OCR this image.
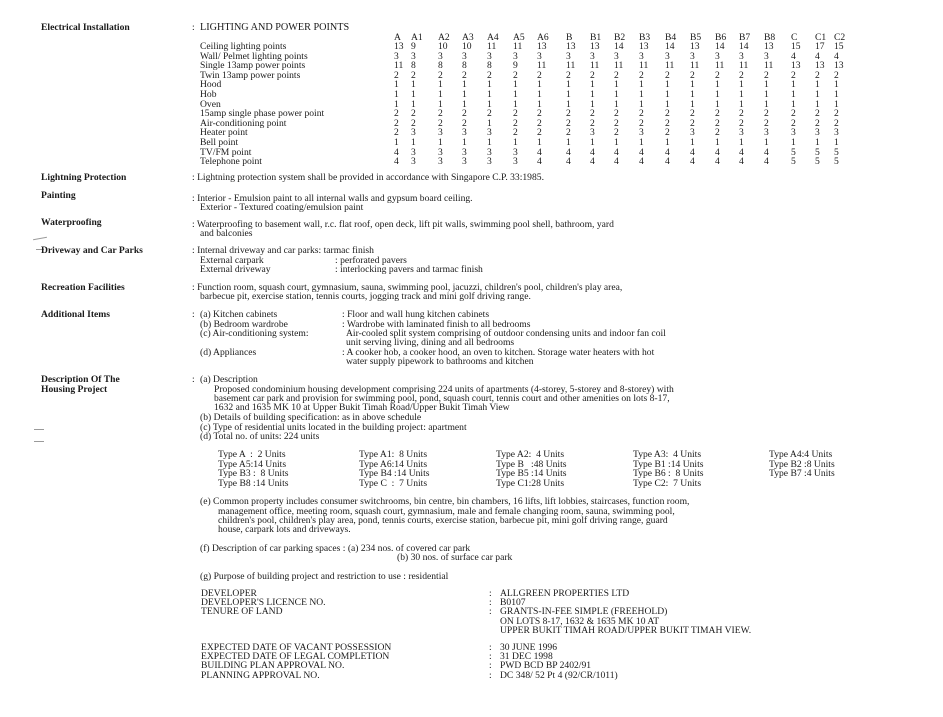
Electrical Installation	: LIGHTING AND POWER POINTS
A A1 A2 A3 A4 A5 A6 B B1 B2 B3 B4 B5 B6 B7 B8 C C1 C2
Ceiling lighting points	13 9 10 10 11 11 13 13 13 14 13 14 13 14 14 13 15 17 15
Wall/ Pelmet lighting points	3 3 3 3 3 3 3	3 3 3 3 3 3 3 3 3 4 4 4
Single 13amp power points	11 8 8 8 8 9 11 11 11 11 11 11 11 11 11 11 13 13 13
Twin 13amp power points	2 2 2 2 2 2 2	2 2 2 2 2 2 2 2 2 2 2 2
Hood	1 1 1 1 1 1 1	1 1 1 1 1 1 1 1 1 1 1 1
Hob	1 1 1 1 1 1 1	1 1 1 1 1 1 1 1 1 1 1 1
Oven	1 1 1 1 1 1 1	1 1 1 1 1 1 1 1 1 1 1 1
15amp single phase power point	2 2 2 2 2 2 2	2 2 2 2 2 2 2 2 2 2 2 2
Air-conditioning point	2 2 2 2 1 2 2	2 2 2 2 2 2 2 2 2 2 2 2
Heater point	2 3 3 3 3 2 2	2 3 2 3 2 3 2 3 3 3 3 3
Bell point	1 1 1 1 1 1 1	1 1 1 1 1 1 1 1 1 1 1 1
TV/FM point	4 3 3 3 3 3 4	4 4 4 4 4 4 4 4 4 5 5 5
Telephone point	4 3 3 3 3 3 4	4 4 4 4 4 4 4 4 4 5 5 5
Lightning Protection	: Lightning protection system shall be provided in accordance with Singapore C.P. 33:1985.
Painting	: Interior - Emulsion paint to all internal walls and gypsum board ceiling.
Exterior - Textured coating/emulsion paint
Waterproofing	: Waterproofing to basement wall, r.c. flat roof, open deck, lift pit walls, swimming pool shell, bathroom, yard
and balconies
Driveway and Car Parks	: Internal driveway and car parks: tarmac finish
External carpark	: perforated pavers
External driveway	: interlocking pavers and tarmac finish
Recreation Facilities	: Function room, squash court, gymnasium, sauna, swimming pool, jacuzzi, children's pool, children's play area,
barbecue pit, exercise station, tennis courts, jogging track and mini golf driving range.
Additional Items	: (a) Kitchen cabinets	: Floor and wall hung kitchen cabinets
(b) Bedroom wardrobe	: Wardrobe with laminated finish to all bedrooms
(c) Air-conditioning system:	Air-cooled split system comprising of outdoor condensing units and indoor fan coil
unit serving living, dining and all bedrooms
(d) Appliances	: A cooker hob, a cooker hood, an oven to kitchen. Storage water heaters with hot
water supply pipework to bathrooms and kitchen
Description Of The
Housing Project
: (a) Description
Proposed condominium housing development comprising 224 units of apartments (4-storey, 5-storey and 8-storey) with
basement car park and provision for swimming pool, pond, squash court, tennis court and other amenities on lots 8-17,
1632 and 1635 MK 10 at Upper Bukit Timah Road/Upper Bukit Timah View
(b) Details of building specification: as in above schedule
(c) Type of residential units located in the building project: apartment
(d) Total no. of units: 224 units
Type A  :  2 Units	Type A1:  8 Units	Type A2:  4 Units	Type A3:  4 Units	Type A4:4 Units
Type A5:14 Units	Type A6:14 Units	Type B   :48 Units	Type B1 :14 Units	Type B2 :8 Units
Type B3 :  8 Units	Type B4 :14 Units	Type B5 :14 Units	Type B6 :  8 Units	Type B7 :4 Units
Type B8 :14 Units	Type C  :  7 Units	Type C1:28 Units	Type C2:  7 Units
(e) Common property includes consumer switchrooms, bin centre, bin chambers, 16 lifts, lift lobbies, staircases, function room,
management office, meeting room, squash court, gymnasium, male and female changing room, sauna, swimming pool,
children's pool, children's play area, pond, tennis courts, exercise station, barbecue pit, mini golf driving range, guard
house, carpark lots and driveways.
(f) Description of car parking spaces : (a) 234 nos. of covered car park
(b) 30 nos. of surface car park
(g) Purpose of building project and restriction to use : residential
DEVELOPER	: ALLGREEN PROPERTIES LTD
DEVELOPER'S LICENCE NO.	: B0107
TENURE OF LAND	: GRANTS-IN-FEE SIMPLE (FREEHOLD)
ON LOTS 8-17, 1632 & 1635 MK 10 AT
UPPER BUKIT TIMAH ROAD/UPPER BUKIT TIMAH VIEW.
EXPECTED DATE OF VACANT POSSESSION	: 30 JUNE 1996
EXPECTED DATE OF LEGAL COMPLETION	: 31 DEC 1998
BUILDING PLAN APPROVAL NO.	: PWD BCD BP 2402/91
PLANNING APPROVAL NO.	: DC 348/ 52 Pt 4 (92/CR/1011)
